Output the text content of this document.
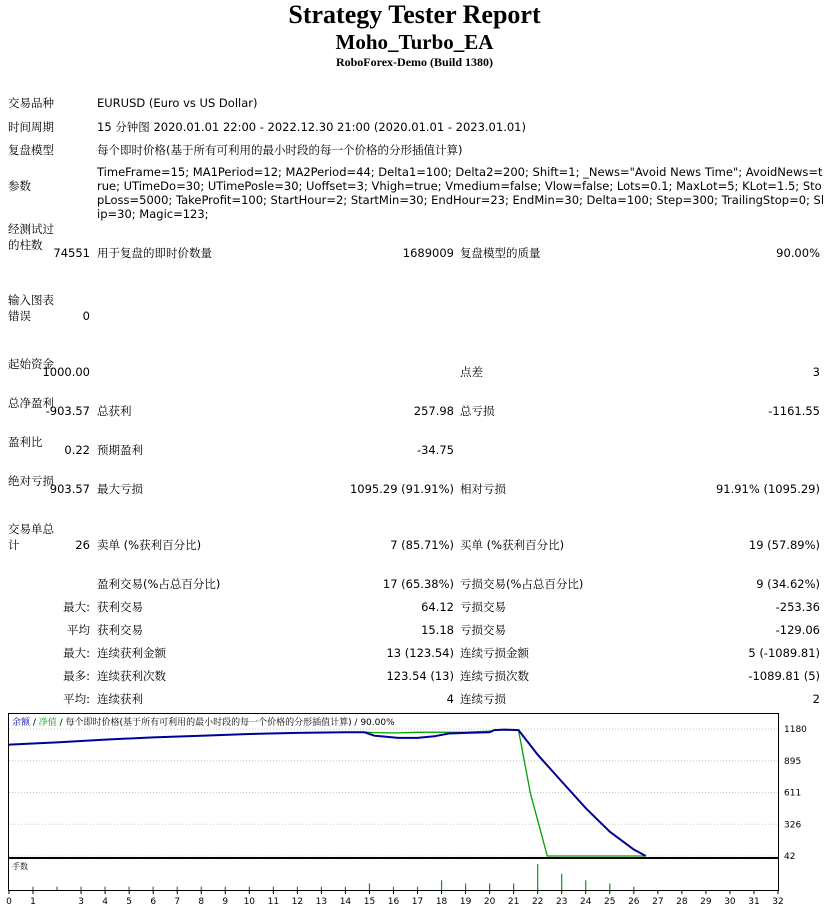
Strategy Tester Report
Moho_Turbo_EA
RoboForex-Demo (Build 1380)
交易品种	EURUSD (Euro vs US Dollar)
时间周期	15 分钟图 2020.01.01 22:00 - 2022.12.30 21:00 (2020.01.01 - 2023.01.01)
复盘模型	每个即时价格(基于所有可利用的最小时段的每一个价格的分形插值计算)
参数
TimeFrame=15; MA1Period=12; MA2Period=44; Delta1=100; Delta2=200; Shift=1; _News="Avoid News Time"; AvoidNews=true; UTimeDo=30; UTimePosle=30; Uoffset=3; Vhigh=true; Vmedium=false; Vlow=false; Lots=0.1; MaxLot=5; KLot=1.5; StopLoss=5000; TakeProfit=100; StartHour=2; StartMin=30; EndHour=23; EndMin=30; Delta=100; Step=300; TrailingStop=0; Slip=30; Magic=123;
经测试过的柱数
74551 用于复盘的即时价数量	1689009 复盘模型的质量	90.00%
输入图表错误	0
起始资金
1000.00	点差	3
总净盈利
-903.57 总获利	257.98 总亏损	-1161.55
盈利比
0.22 预期盈利	-34.75
绝对亏损
903.57 最大亏损	1095.29 (91.91%) 相对亏损	91.91% (1095.29)
交易单总计	26 卖单 (%获利百分比)	7 (85.71%) 买单 (%获利百分比)	19 (57.89%)
盈利交易(%占总百分比)	17 (65.38%) 亏损交易(%占总百分比)	9 (34.62%)
最大: 获利交易	64.12 亏损交易	-253.36
平均 获利交易	15.18 亏损交易	-129.06
最大: 连续获利金额	13 (123.54) 连续亏损金额	5 (-1089.81)
最多: 连续获利次数	123.54 (13) 连续亏损次数	-1089.81 (5)
平均: 连续获利	4 连续亏损	2
42
326
611
895
1180
余额 / 净值 / 每个即时价格(基于所有可利用的最小时段的每一个价格的分形插值计算) / 90.00%
手数
0 1	3 4 5 6 7 8 9 10 11 12 13 14 15 16 17 18 19 20 21 22 23 24 25 26 27 28 29 30 31 32
